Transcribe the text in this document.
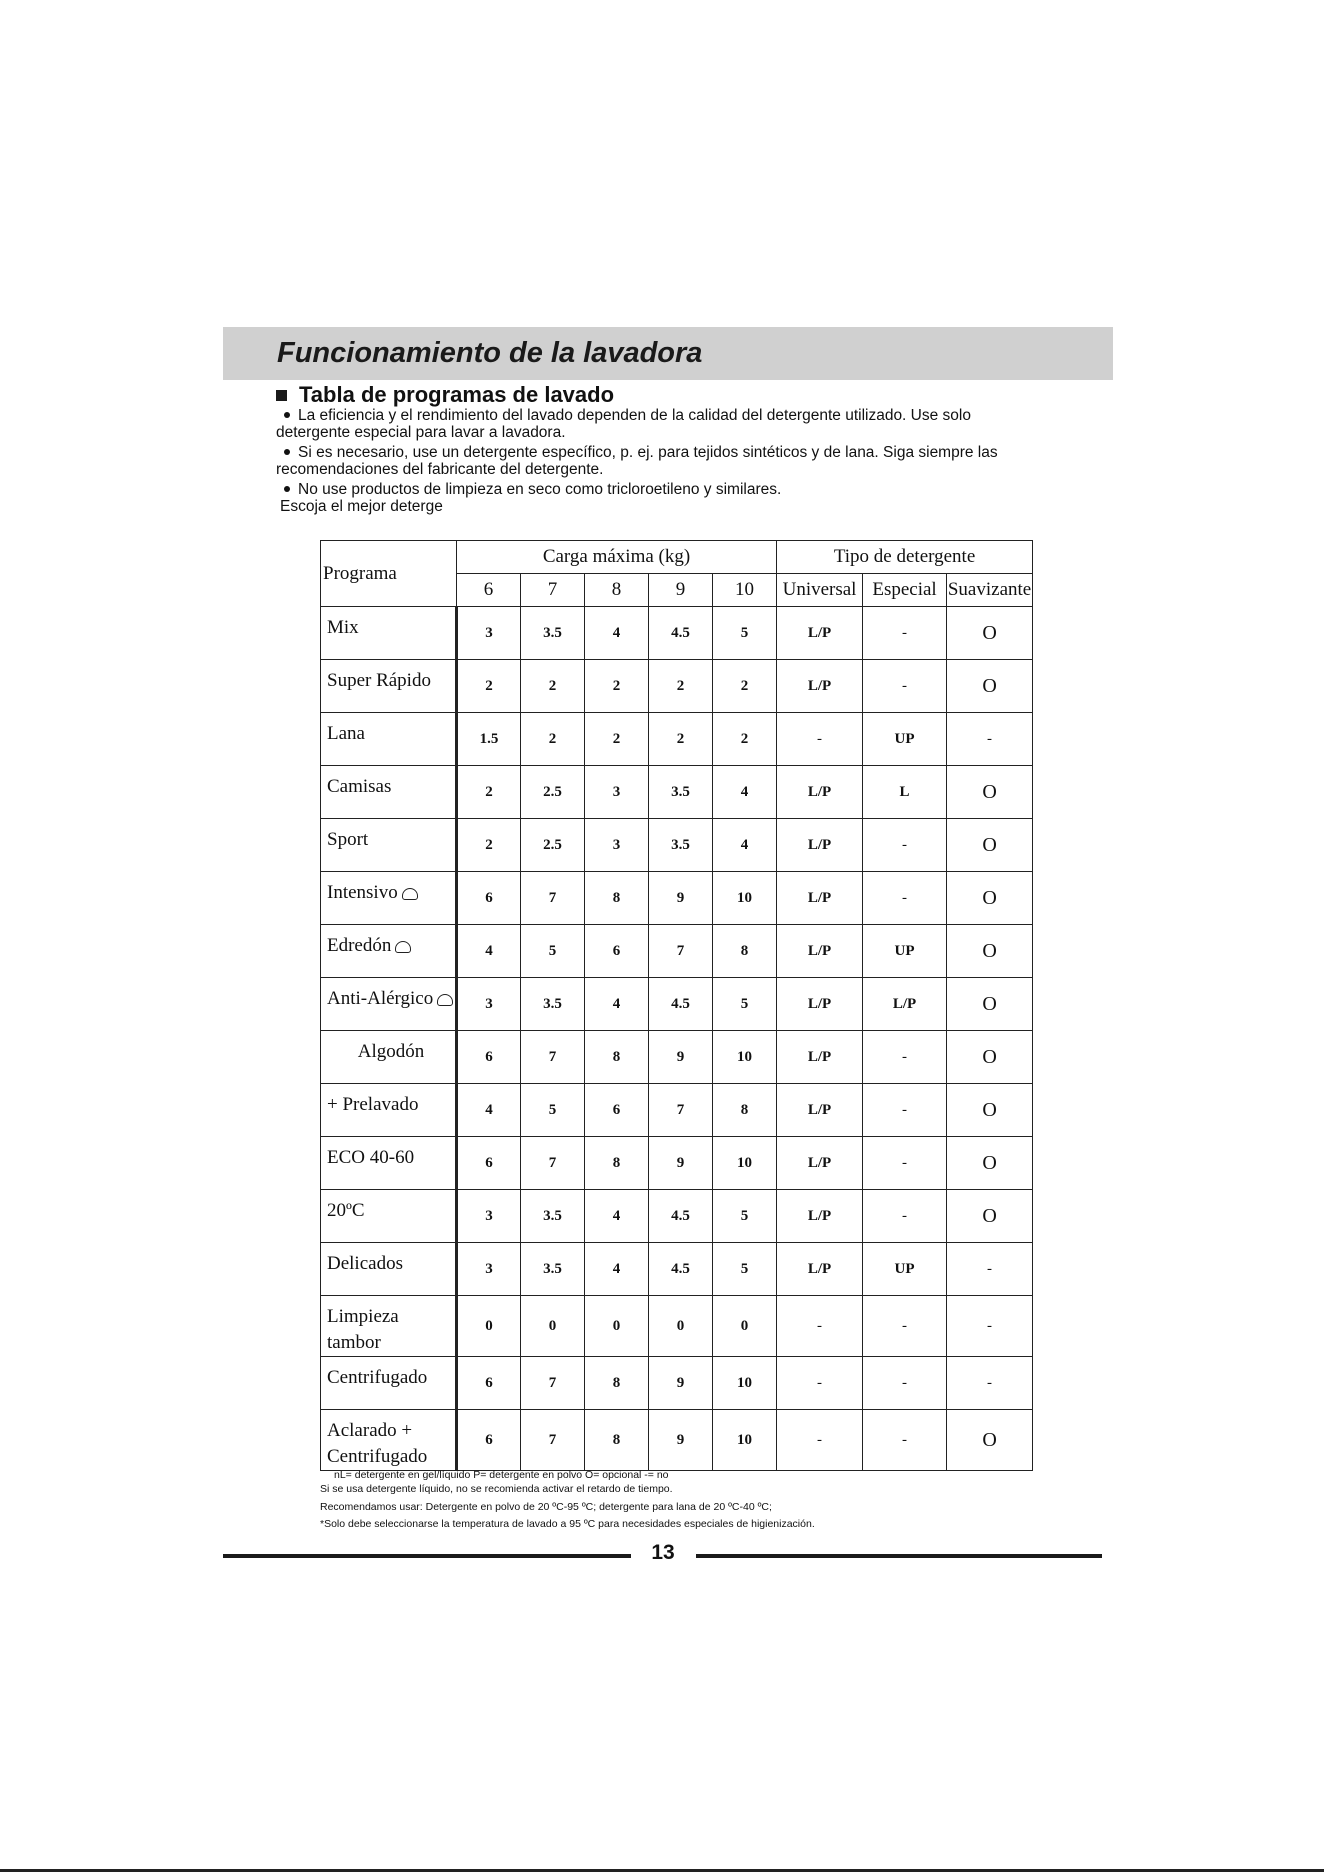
Funcionamiento de la lavadora
Tabla de programas de lavado

La eficiencia y el rendimiento del lavado dependen de la calidad del detergente utilizado. Use solo
detergente especial para lavar a lavadora.

Si es necesario, use un detergente específico, p. ej. para tejidos sintéticos y de lana. Siga siempre las
recomendaciones del fabricante del detergente.

No use productos de limpieza en seco como tricloroetileno y similares.
Escoja el mejor deterge

Programa	Carga máxima (kg)					Tipo de detergente		
	6	7	8	9	10	Universal	Especial	Suavizante
Mix	3	3.5	4	4.5	5	L/P	-	O
Super Rápido	2	2	2	2	2	L/P	-	O
Lana	1.5	2	2	2	2	-	UP	-
Camisas	2	2.5	3	3.5	4	L/P	L	O
Sport	2	2.5	3	3.5	4	L/P	-	O
Intensivo	6	7	8	9	10	L/P	-	O
Edredón	4	5	6	7	8	L/P	UP	O
Anti-Alérgico	3	3.5	4	4.5	5	L/P	L/P	O
Algodón	6	7	8	9	10	L/P	-	O
+ Prelavado	4	5	6	7	8	L/P	-	O
ECO 40-60	6	7	8	9	10	L/P	-	O
20ºC	3	3.5	4	4.5	5	L/P	-	O
Delicados	3	3.5	4	4.5	5	L/P	UP	-
Limpieza
tambor	0	0	0	0	0	-	-	-
Centrifugado	6	7	8	9	10	-	-	-
Aclarado +
Centrifugado	6	7	8	9	10	-	-	O

nL= detergente en gel/líquido P= detergente en polvo O= opcional -= no

Si se usa detergente líquido, no se recomienda activar el retardo de tiempo.

Recomendamos usar: Detergente en polvo de 20 ºC-95 ºC; detergente para lana de 20 ºC-40 ºC;

*Solo debe seleccionarse la temperatura de lavado a 95 ºC para necesidades especiales de higienización.

13
